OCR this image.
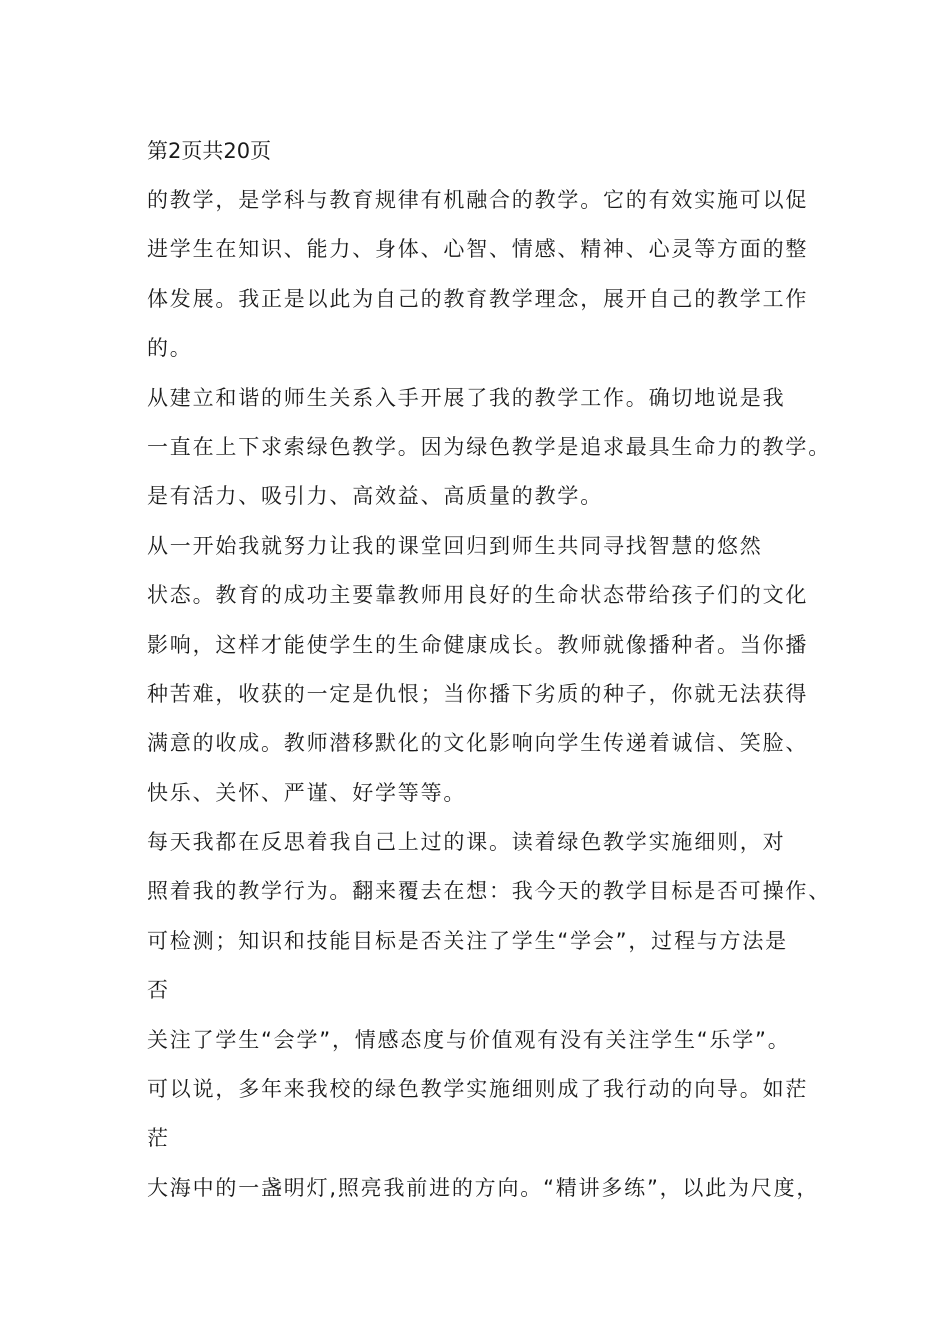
第2页共20页
的教学，是学科与教育规律有机融合的教学。它的有效实施可以促
进学生在知识、能力、身体、心智、情感、精神、心灵等方面的整
体发展。我正是以此为自己的教育教学理念，展开自己的教学工作
的。
从建立和谐的师生关系入手开展了我的教学工作。确切地说是我
一直在上下求索绿色教学。因为绿色教学是追求最具生命力的教学。
是有活力、吸引力、高效益、高质量的教学。
从一开始我就努力让我的课堂回归到师生共同寻找智慧的悠然
状态。教育的成功主要靠教师用良好的生命状态带给孩子们的文化
影响，这样才能使学生的生命健康成长。教师就像播种者。当你播
种苦难，收获的一定是仇恨；当你播下劣质的种子，你就无法获得
满意的收成。教师潜移默化的文化影响向学生传递着诚信、笑脸、
快乐、关怀、严谨、好学等等。
每天我都在反思着我自己上过的课。读着绿色教学实施细则，对
照着我的教学行为。翻来覆去在想：我今天的教学目标是否可操作、
可检测；知识和技能目标是否关注了学生“学会”，过程与方法是
否
关注了学生“会学”，情感态度与价值观有没有关注学生“乐学”。
可以说，多年来我校的绿色教学实施细则成了我行动的向导。如茫
茫
大海中的一盏明灯,照亮我前进的方向。“精讲多练”，以此为尺度，
